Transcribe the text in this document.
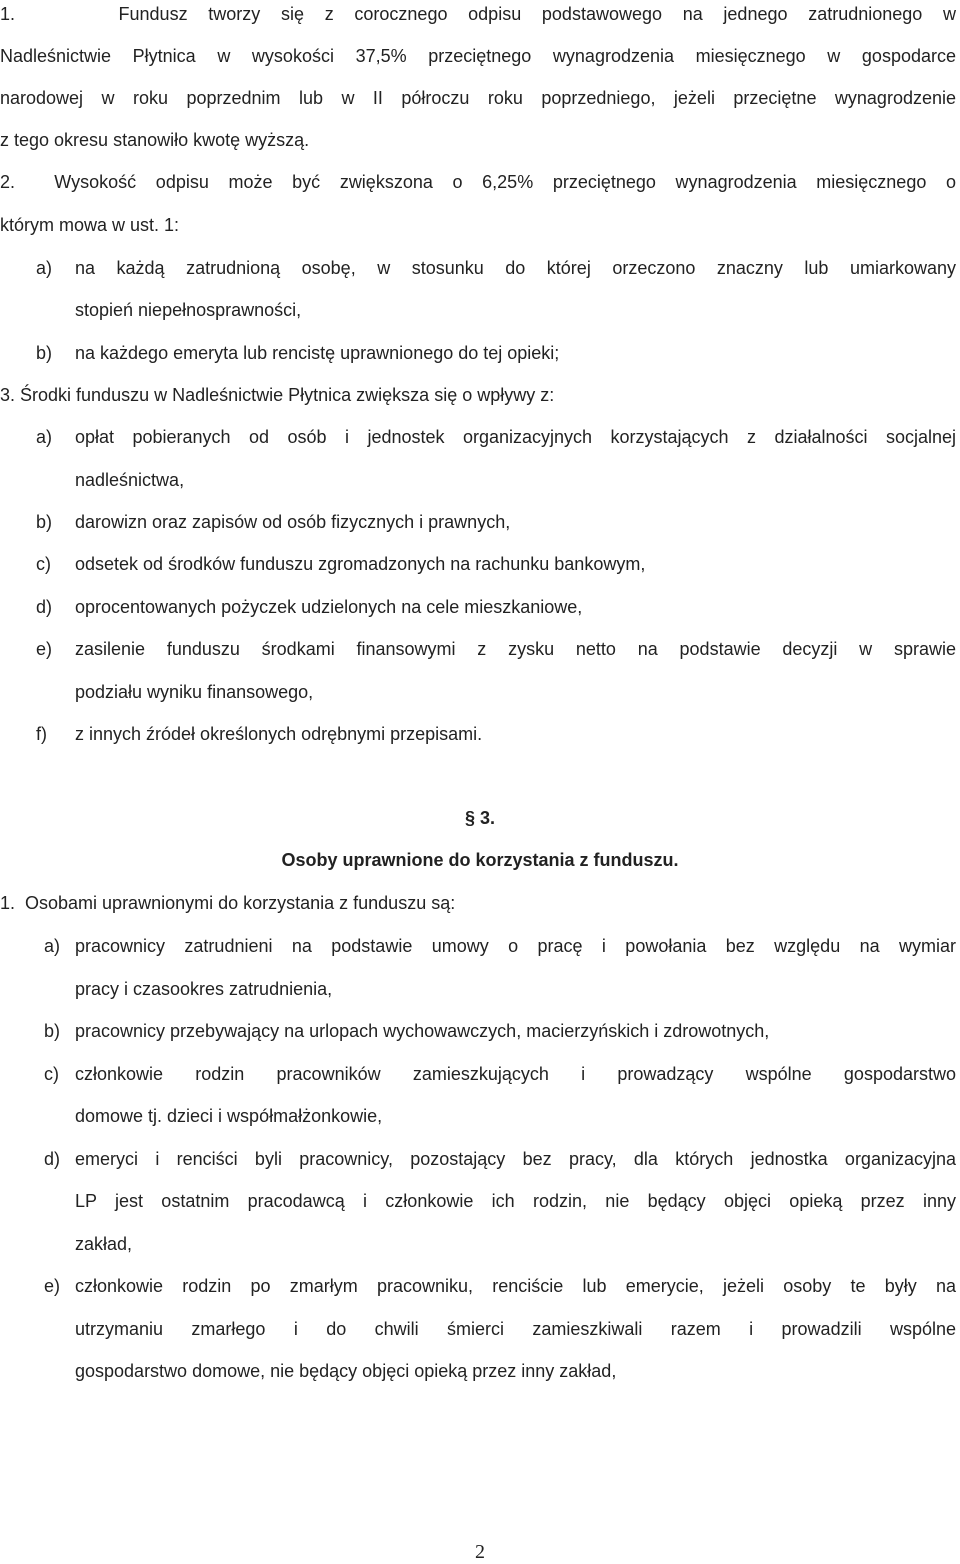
1.     Fundusz tworzy się z corocznego odpisu podstawowego na jednego zatrudnionego w
Nadleśnictwie Płytnica w wysokości 37,5% przeciętnego wynagrodzenia miesięcznego w gospodarce
narodowej w roku poprzednim lub w II półroczu roku poprzedniego, jeżeli przeciętne wynagrodzenie
z tego okresu stanowiło kwotę wyższą.
2.  Wysokość odpisu może być zwiększona o 6,25% przeciętnego wynagrodzenia miesięcznego o
którym mowa w ust. 1:
a) na każdą zatrudnioną osobę, w stosunku do której orzeczono znaczny lub umiarkowany
stopień niepełnosprawności,
b) na każdego emeryta lub rencistę uprawnionego do tej opieki;
3. Środki funduszu w Nadleśnictwie Płytnica zwiększa się o wpływy z:
a) opłat pobieranych od osób i jednostek organizacyjnych korzystających z działalności socjalnej
nadleśnictwa,
b) darowizn oraz zapisów od osób fizycznych i prawnych,
c) odsetek od środków funduszu zgromadzonych na rachunku bankowym,
d) oprocentowanych pożyczek udzielonych na cele mieszkaniowe,
e) zasilenie funduszu środkami finansowymi z zysku netto na podstawie decyzji w sprawie
podziału wyniku finansowego,
f) z innych źródeł określonych odrębnymi przepisami.
§ 3.
Osoby uprawnione do korzystania z funduszu.
1.  Osobami uprawnionymi do korzystania z funduszu są:
a) pracownicy zatrudnieni na podstawie umowy o pracę i powołania bez względu na wymiar
pracy i czasookres zatrudnienia,
b) pracownicy przebywający na urlopach wychowawczych, macierzyńskich i zdrowotnych,
c) członkowie rodzin pracowników zamieszkujących i prowadzący wspólne gospodarstwo
domowe tj. dzieci i współmałżonkowie,
d) emeryci i renciści byli pracownicy, pozostający bez pracy, dla których jednostka organizacyjna
LP jest ostatnim pracodawcą i członkowie ich rodzin, nie będący objęci opieką przez inny
zakład,
e) członkowie rodzin po zmarłym pracowniku, renciście lub emerycie, jeżeli osoby te były na
utrzymaniu zmarłego i do chwili śmierci zamieszkiwali razem i prowadzili wspólne
gospodarstwo domowe, nie będący objęci opieką przez inny zakład,
2
